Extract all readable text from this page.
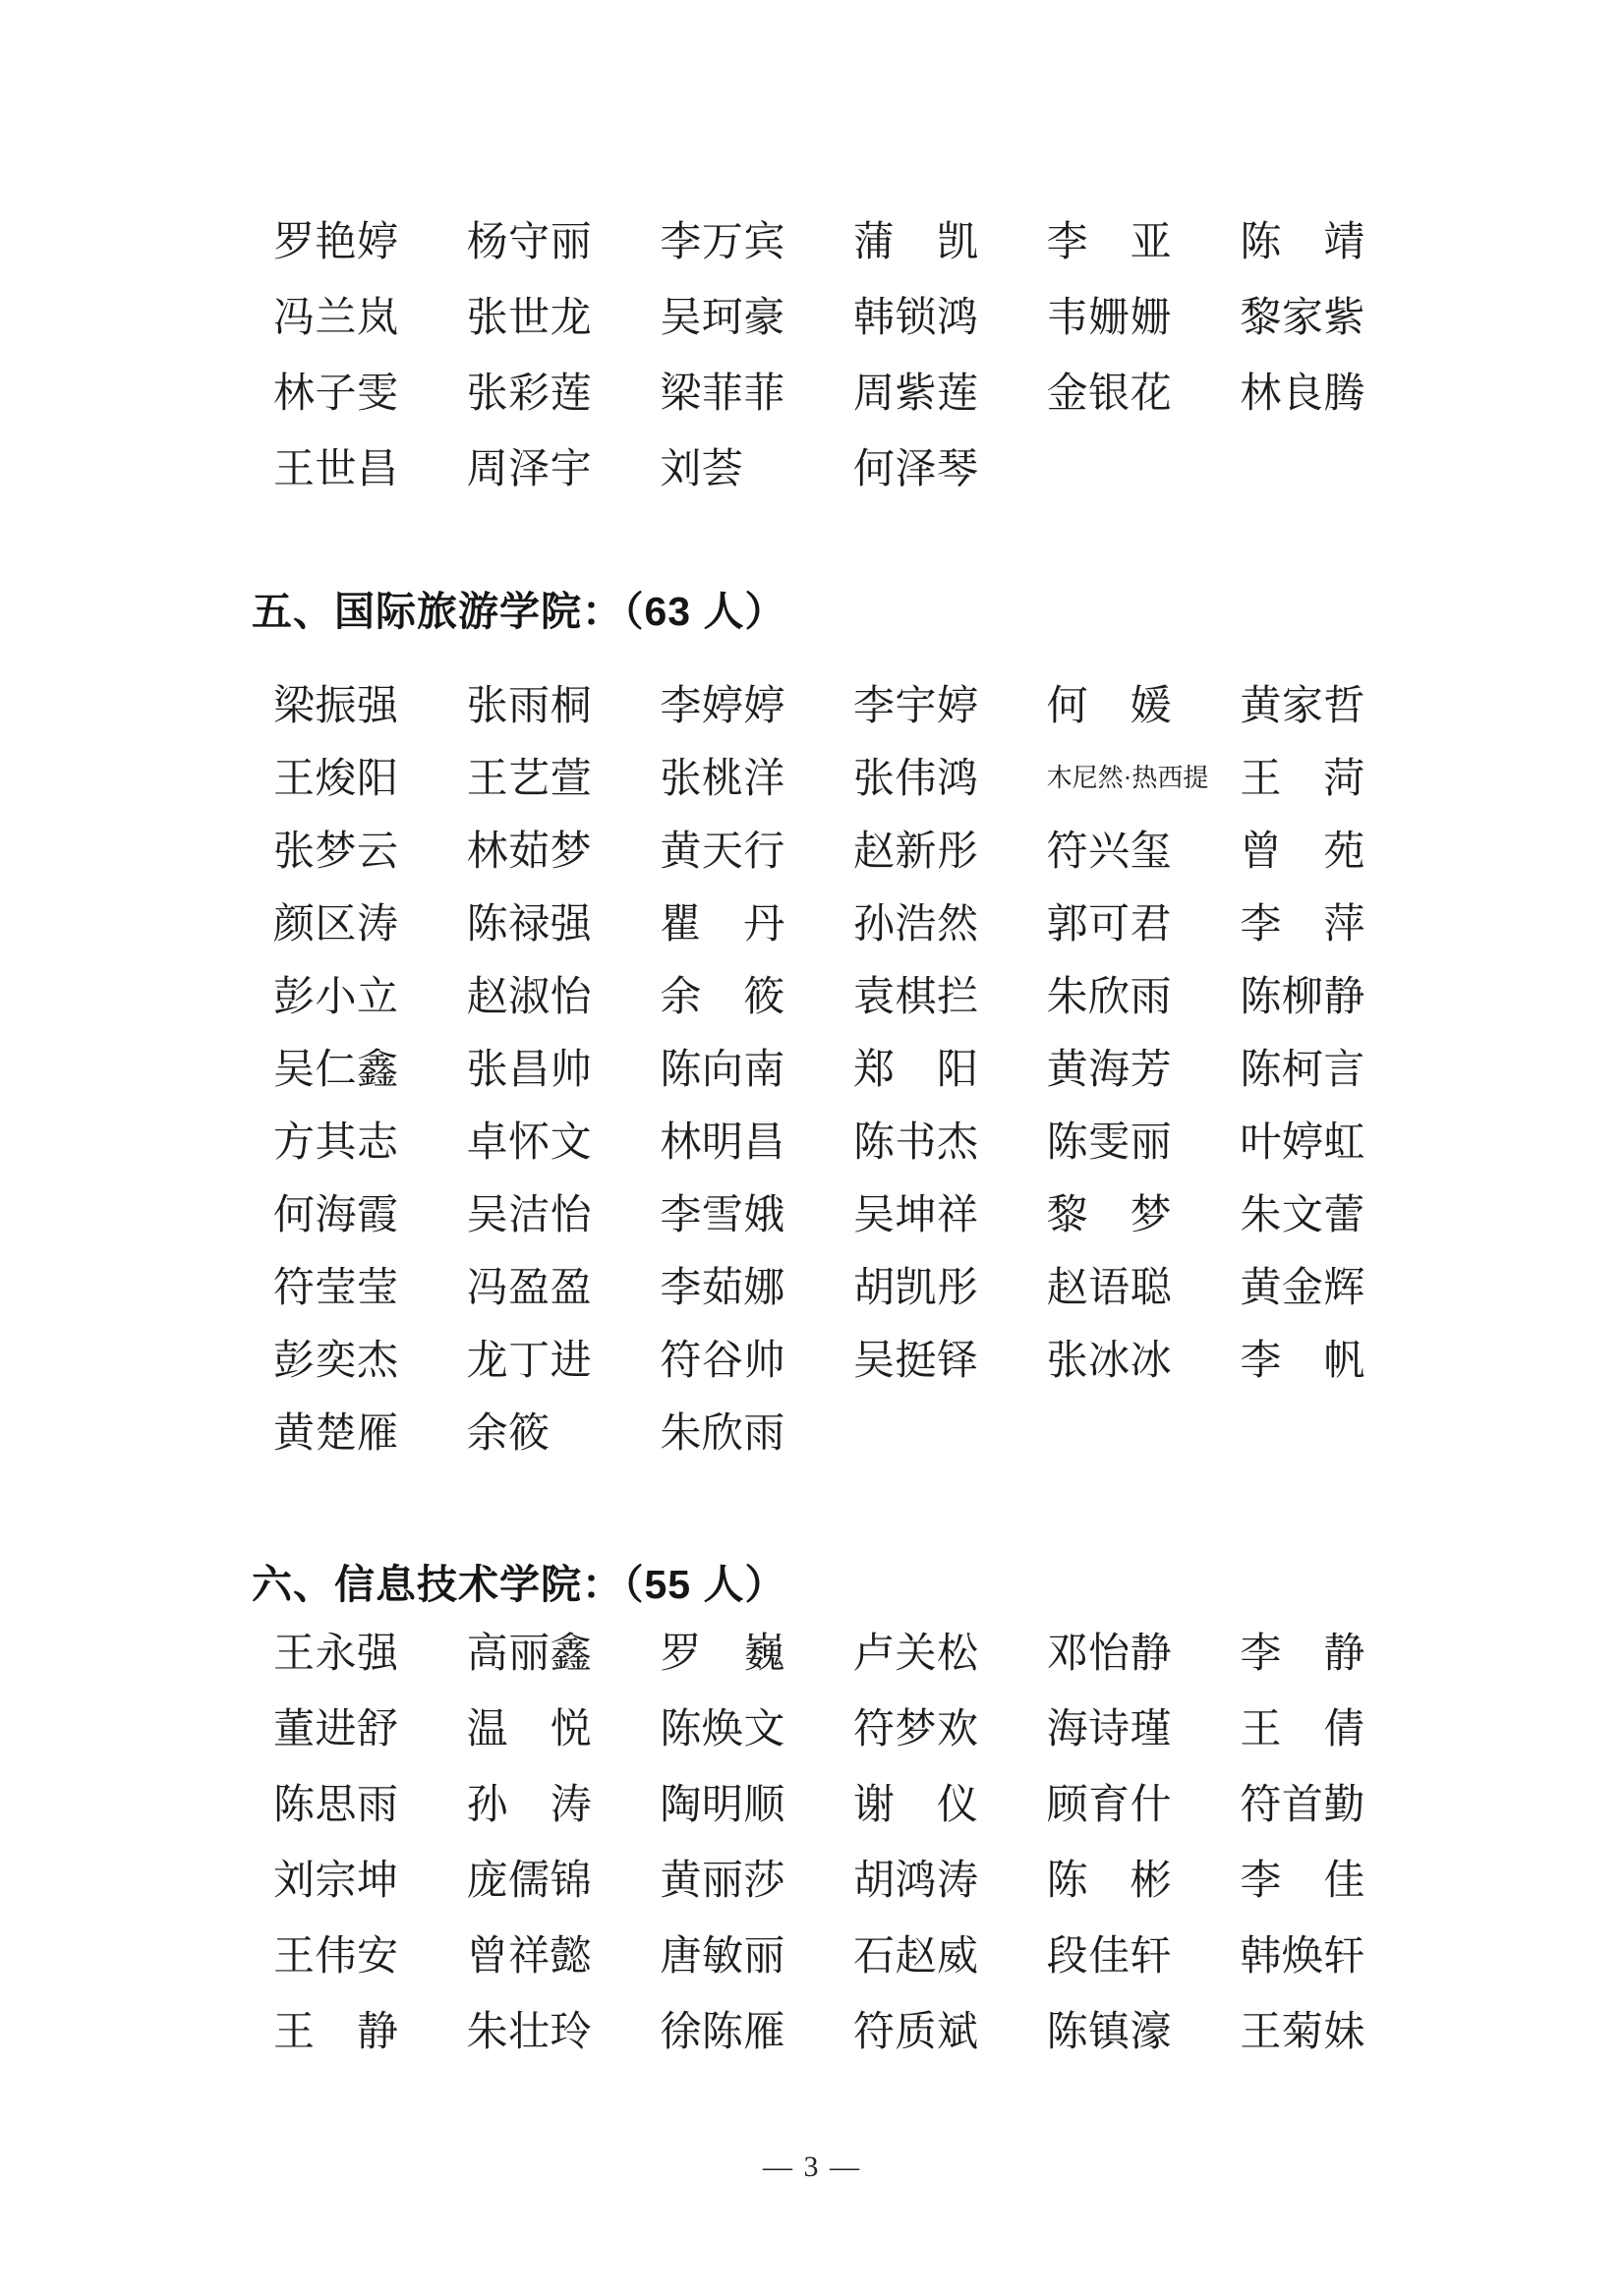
罗艳婷	杨守丽	李万宾	蒲　凯	李　亚	陈　靖
冯兰岚	张世龙	吴珂豪	韩锁鸿	韦姗姗	黎家紫
林子雯	张彩莲	梁菲菲	周紫莲	金银花	林良腾
王世昌	周泽宇	刘荟	何泽琴
五、国际旅游学院：（63 人）
梁振强	张雨桐	李婷婷	李宇婷	何　媛	黄家哲
王焌阳	王艺萱	张桃洋	张伟鸿	木尼然·热西提 王　菏
张梦云	林茹梦	黄天行	赵新彤	符兴玺	曾　苑
颜区涛	陈禄强	瞿　丹	孙浩然	郭可君	李　萍
彭小立	赵淑怡	余　筱	袁棋拦	朱欣雨	陈柳静
吴仁鑫	张昌帅	陈向南	郑　阳	黄海芳	陈柯言
方其志	卓怀文	林明昌	陈书杰	陈雯丽	叶婷虹
何海霞	吴洁怡	李雪娥	吴坤祥	黎　梦	朱文蕾
符莹莹	冯盈盈	李茹娜	胡凯彤	赵语聪	黄金辉
彭奕杰	龙丁进	符谷帅	吴挺铎	张冰冰	李　帆
黄楚雁	余筱	朱欣雨
六、信息技术学院：（55 人）
王永强	高丽鑫	罗　巍	卢关松	邓怡静	李　静
董进舒	温　悦	陈焕文	符梦欢	海诗瑾	王　倩
陈思雨	孙　涛	陶明顺	谢　仪	顾育什	符首勤
刘宗坤	庞儒锦	黄丽莎	胡鸿涛	陈　彬	李　佳
王伟安	曾祥懿	唐敏丽	石赵威	段佳轩	韩焕轩
王　静	朱壮玲	徐陈雁	符质斌	陈镇濠	王菊妹
— 3 —
